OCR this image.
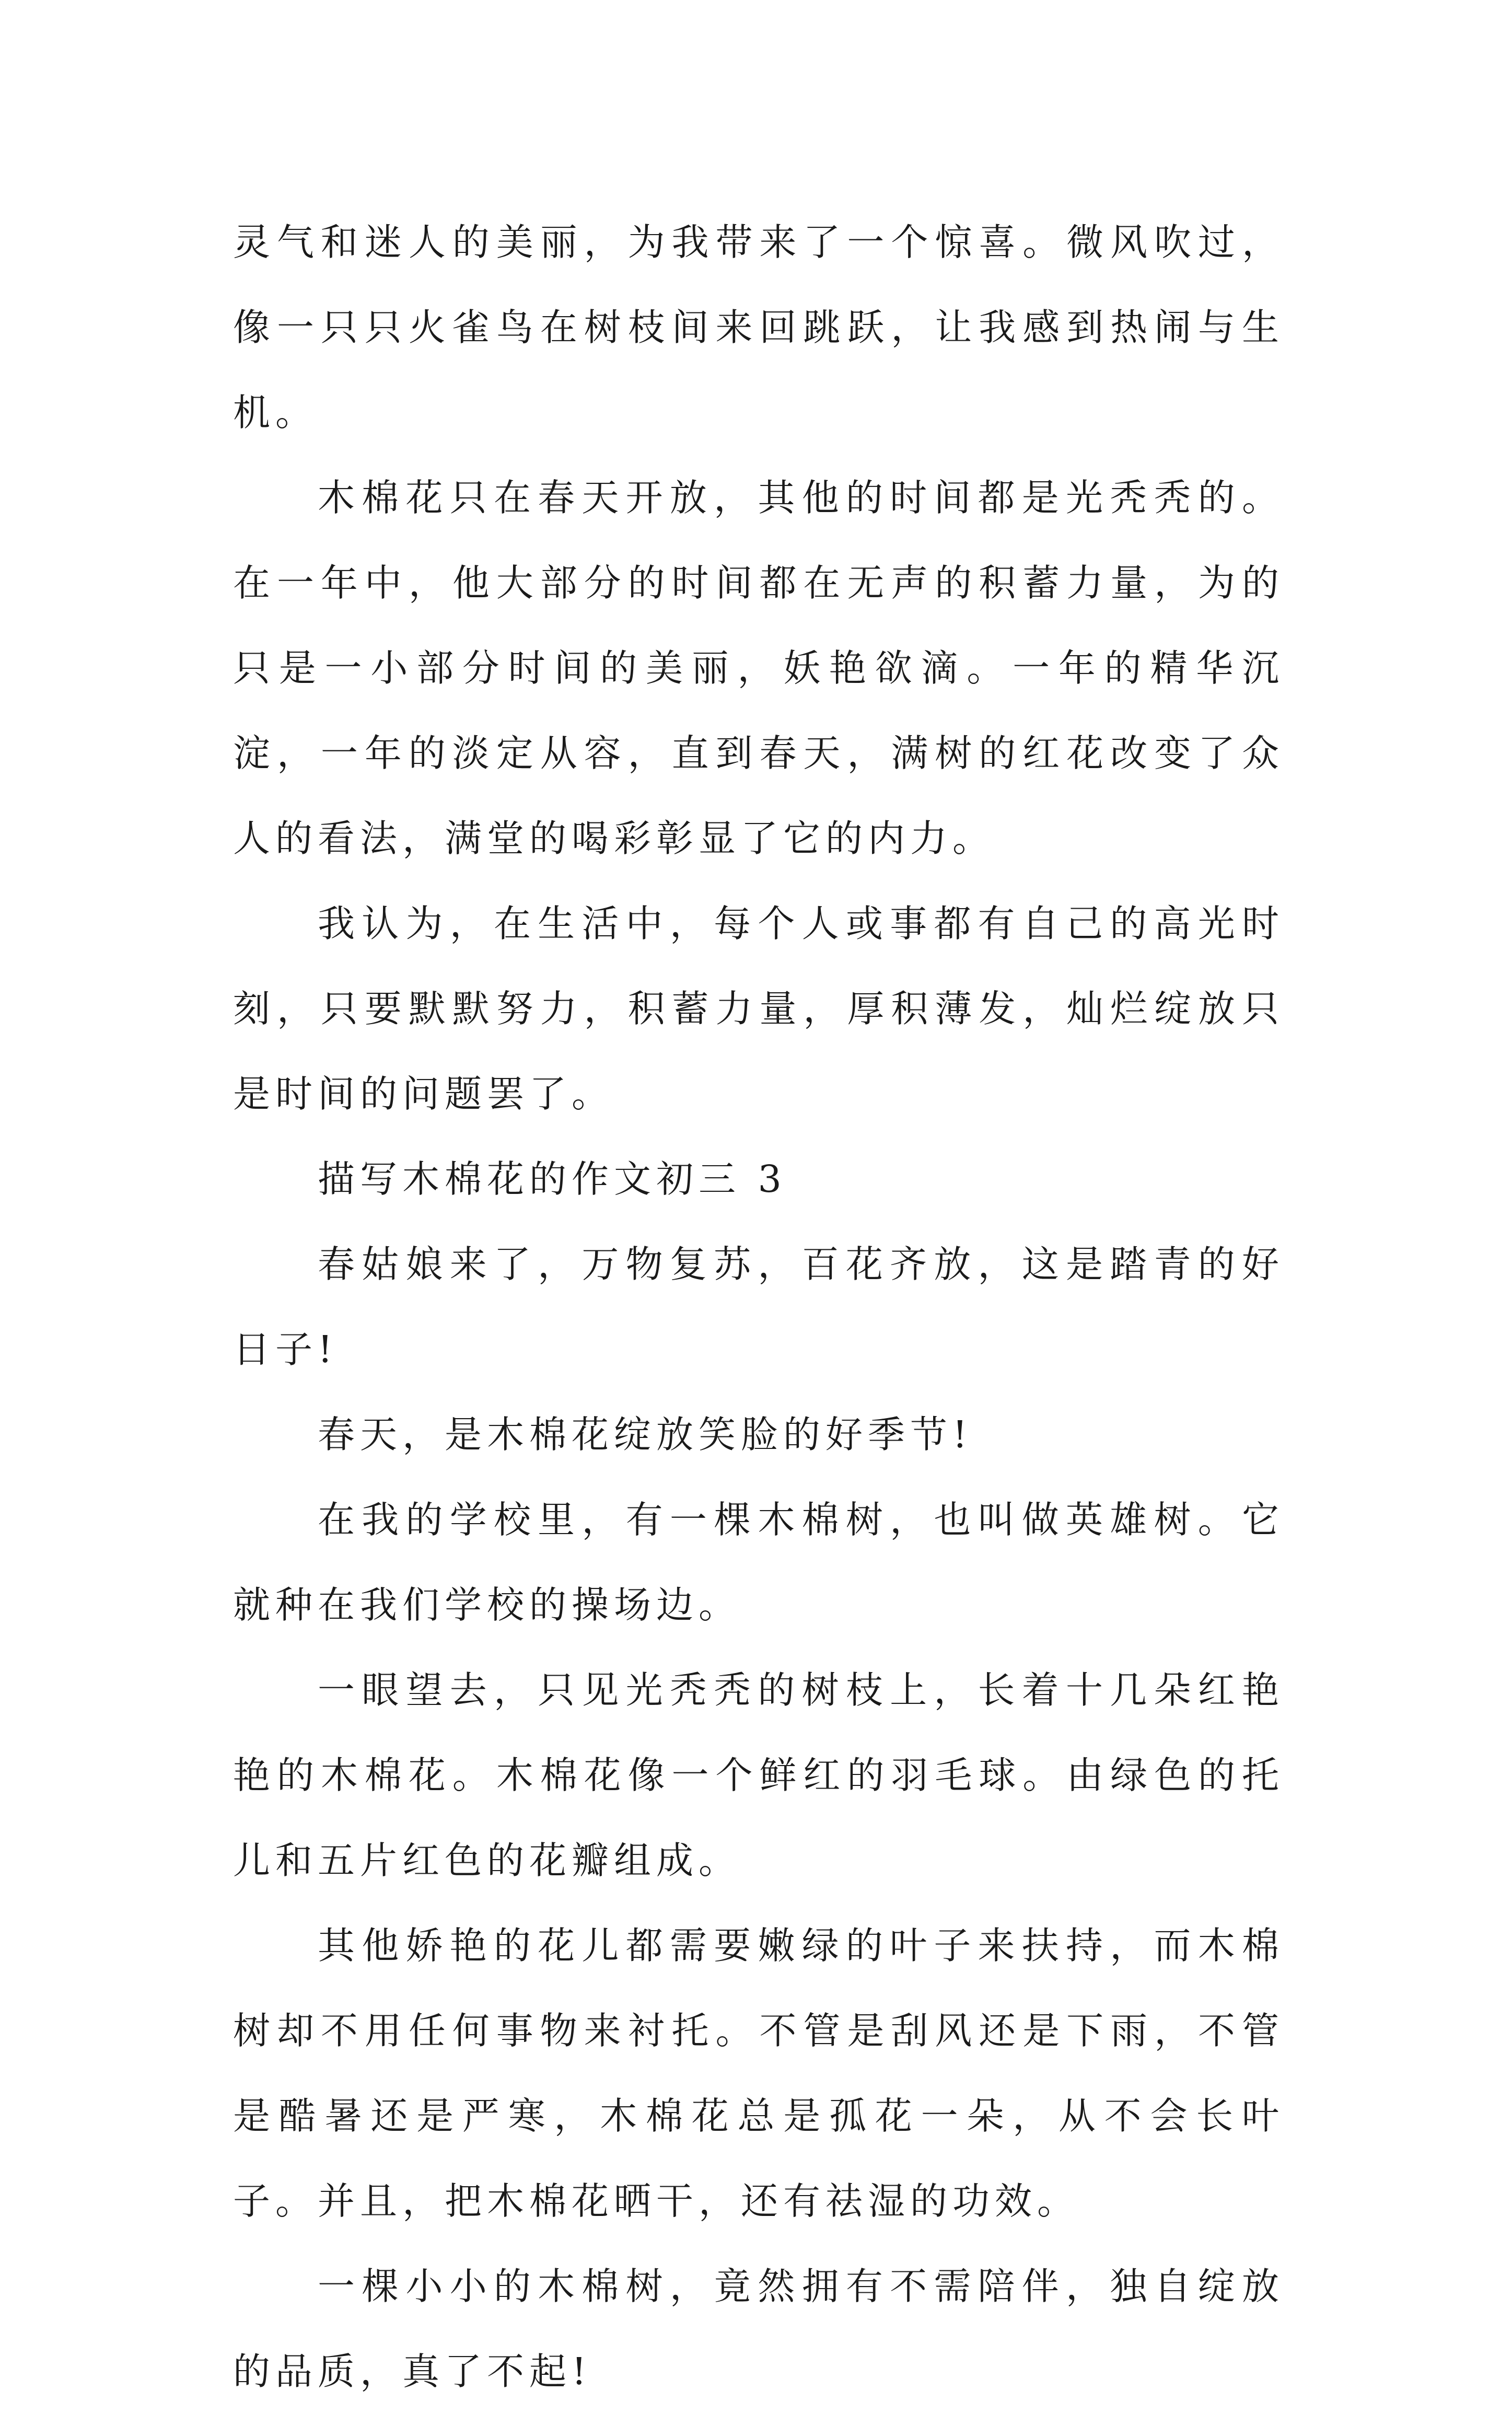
灵气和迷人的美丽，为我带来了一个惊喜。微风吹过，像一只只火雀鸟在树枝间来回跳跃，让我感到热闹与生机。

木棉花只在春天开放，其他的时间都是光秃秃的。在一年中，他大部分的时间都在无声的积蓄力量，为的只是一小部分时间的美丽，妖艳欲滴。一年的精华沉淀，一年的淡定从容，直到春天，满树的红花改变了众人的看法，满堂的喝彩彰显了它的内力。

我认为，在生活中，每个人或事都有自己的高光时刻，只要默默努力，积蓄力量，厚积薄发，灿烂绽放只是时间的问题罢了。

描写木棉花的作文初三 3

春姑娘来了，万物复苏，百花齐放，这是踏青的好日子!

春天，是木棉花绽放笑脸的好季节!

在我的学校里，有一棵木棉树，也叫做英雄树。它就种在我们学校的操场边。

一眼望去，只见光秃秃的树枝上，长着十几朵红艳艳的木棉花。木棉花像一个鲜红的羽毛球。由绿色的托儿和五片红色的花瓣组成。

其他娇艳的花儿都需要嫩绿的叶子来扶持，而木棉树却不用任何事物来衬托。不管是刮风还是下雨，不管是酷暑还是严寒，木棉花总是孤花一朵，从不会长叶子。并且，把木棉花晒干，还有祛湿的功效。

一棵小小的木棉树，竟然拥有不需陪伴，独自绽放的品质，真了不起!
